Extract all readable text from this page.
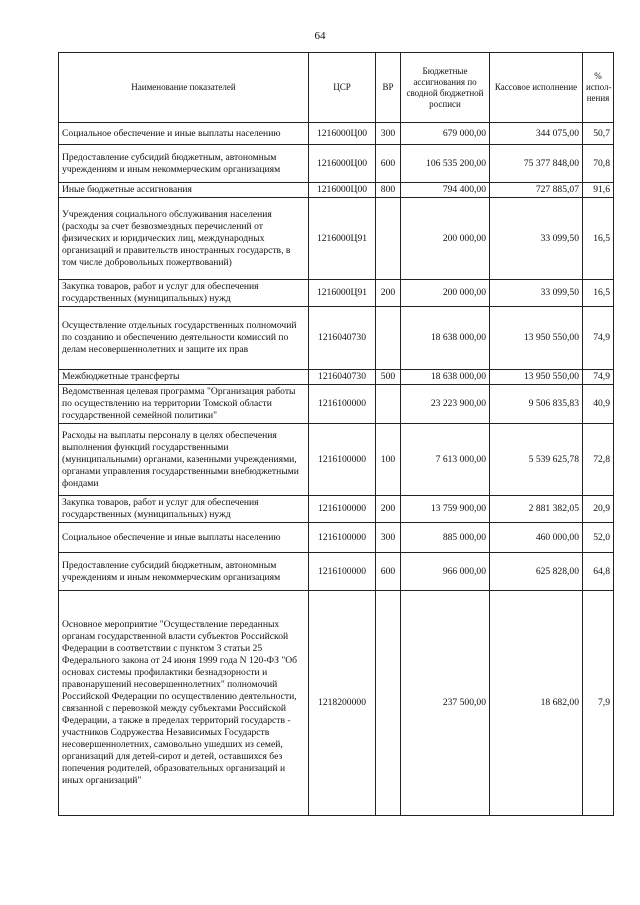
64
Наименование показателей	ЦСР	ВР	Бюджетные ассигнования по сводной бюджетной росписи	Кассовое исполнение	% испол-нения
Социальное обеспечение и иные выплаты населению	1216000Ц00	300	679 000,00	344 075,00	50,7
Предоставление субсидий бюджетным, автономным учреждениям и иным некоммерческим организациям	1216000Ц00	600	106 535 200,00	75 377 848,00	70,8
Иные бюджетные ассигнования	1216000Ц00	800	794 400,00	727 885,07	91,6
Учреждения социального обслуживания населения (расходы за счет безвозмездных перечислений от физических и юридических лиц, международных организаций и правительств иностранных государств, в том числе добровольных пожертвований)	1216000Ц91		200 000,00	33 099,50	16,5
Закупка товаров, работ и услуг для обеспечения государственных (муниципальных) нужд	1216000Ц91	200	200 000,00	33 099,50	16,5
Осуществление отдельных государственных полномочий по созданию и обеспечению деятельности комиссий по делам несовершеннолетних и защите их прав	1216040730		18 638 000,00	13 950 550,00	74,9
Межбюджетные трансферты	1216040730	500	18 638 000,00	13 950 550,00	74,9
Ведомственная целевая программа "Организация работы по осуществлению на территории Томской области государственной семейной политики"	1216100000		23 223 900,00	9 506 835,83	40,9
Расходы на выплаты персоналу в целях обеспечения выполнения функций государственными (муниципальными) органами, казенными учреждениями, органами управления государственными внебюджетными фондами	1216100000	100	7 613 000,00	5 539 625,78	72,8
Закупка товаров, работ и услуг для обеспечения государственных (муниципальных) нужд	1216100000	200	13 759 900,00	2 881 382,05	20,9
Социальное обеспечение и иные выплаты населению	1216100000	300	885 000,00	460 000,00	52,0
Предоставление субсидий бюджетным, автономным учреждениям и иным некоммерческим организациям	1216100000	600	966 000,00	625 828,00	64,8
Основное мероприятие "Осуществление переданных органам государственной власти субъектов Российской Федерации в соответствии с пунктом 3 статьи 25 Федерального закона от 24 июня 1999 года N 120-ФЗ "Об основах системы профилактики безнадзорности и правонарушений несовершеннолетних" полномочий Российской Федерации по осуществлению деятельности, связанной с перевозкой между субъектами Российской Федерации, а также в пределах территорий государств - участников Содружества Независимых Государств несовершеннолетних, самовольно ушедших из семей, организаций для детей-сирот и детей, оставшихся без попечения родителей, образовательных организаций и иных организаций"	1218200000		237 500,00	18 682,00	7,9
